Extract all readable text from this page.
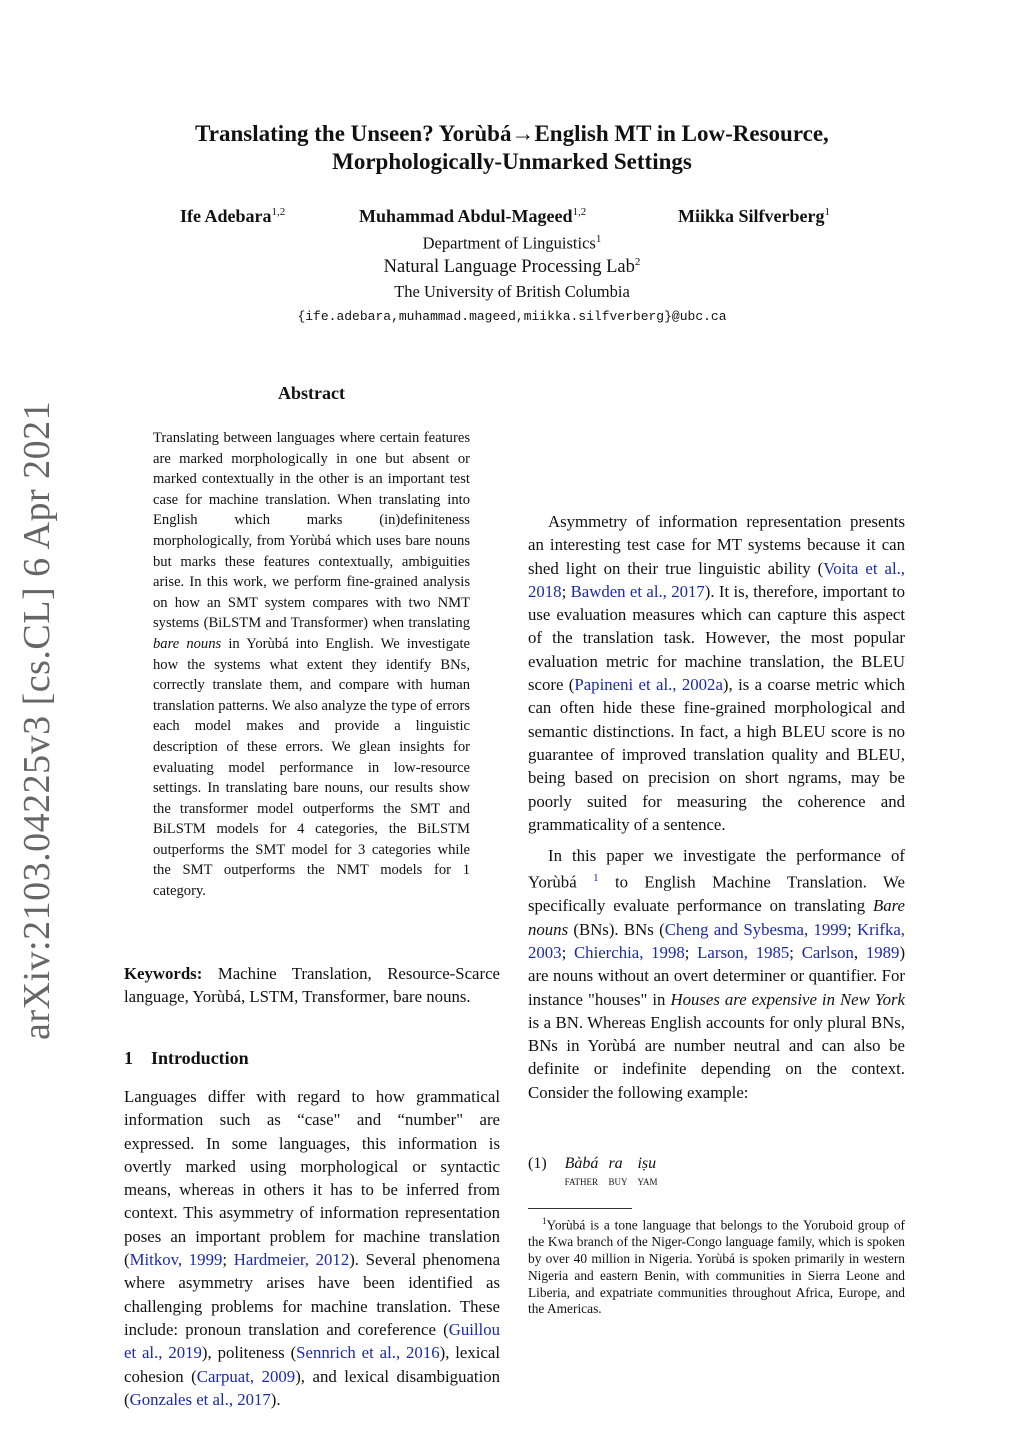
Translating the Unseen? Yorùbá→English MT in Low-Resource,
Morphologically-Unmarked Settings
Ife Adebara$^{1,2}$	Muhammad Abdul-Mageed$^{1,2}$	Miikka Silfverberg$^1$
Department of Linguistics$^1$
Natural Language Processing Lab$^2$
The University of British Columbia
{ife.adebara,muhammad.mageed,miikka.silfverberg}@ubc.ca
arXiv:2103.04225v3 [cs.CL] 6 Apr 2021
Abstract
Translating between languages where certain features are marked morphologically in one but absent or marked contextually in the other is an important test case for machine translation. When translating into English which marks (in)definiteness morphologically, from Yorùbá which uses bare nouns but marks these features contextually, ambiguities arise. In this work, we perform fine-grained analysis on how an SMT system compares with two NMT systems (BiLSTM and Transformer) when translating bare nouns in Yorùbá into English. We investigate how the systems what extent they identify BNs, correctly translate them, and compare with human translation patterns. We also analyze the type of errors each model makes and provide a linguistic description of these errors. We glean insights for evaluating model performance in low-resource settings. In translating bare nouns, our results show the transformer model outperforms the SMT and BiLSTM models for 4 categories, the BiLSTM outperforms the SMT model for 3 categories while the SMT outperforms the NMT models for 1 category.
Keywords: Machine Translation, Resource-Scarce language, Yorùbá, LSTM, Transformer, bare nouns.
1 Introduction

Languages differ with regard to how grammatical information such as “case" and “number" are expressed. In some languages, this information is overtly marked using morphological or syntactic means, whereas in others it has to be inferred from context. This asymmetry of information representation poses an important problem for machine translation (Mitkov, 1999; Hardmeier, 2012). Several phenomena where asymmetry arises have been identified as challenging problems for machine translation. These include: pronoun translation and coreference (Guillou et al., 2019), politeness (Sennrich et al., 2016), lexical cohesion (Carpuat, 2009), and lexical disambiguation (Gonzales et al., 2017).

Asymmetry of information representation presents an interesting test case for MT systems because it can shed light on their true linguistic ability (Voita et al., 2018; Bawden et al., 2017). It is, therefore, important to use evaluation measures which can capture this aspect of the translation task. However, the most popular evaluation metric for machine translation, the BLEU score (Papineni et al., 2002a), is a coarse metric which can often hide these fine-grained morphological and semantic distinctions. In fact, a high BLEU score is no guarantee of improved translation quality and BLEU, being based on precision on short ngrams, may be poorly suited for measuring the coherence and grammaticality of a sentence.

In this paper we investigate the performance of Yorùbá $^1$ to English Machine Translation. We specifically evaluate performance on translating Bare nouns (BNs). BNs (Cheng and Sybesma, 1999; Krifka, 2003; Chierchia, 1998; Larson, 1985; Carlson, 1989) are nouns without an overt determiner or quantifier. For instance "houses" in Houses are expensive in New York is a BN. Whereas English accounts for only plural BNs, BNs in Yorùbá are number neutral and can also be definite or indefinite depending on the context. Consider the following example:

(1)	Bàbá	ra	iṣu
	father	buy	yam
$^1$Yorùbá is a tone language that belongs to the Yoruboid group of the Kwa branch of the Niger-Congo language family, which is spoken by over 40 million in Nigeria. Yorùbá is spoken primarily in western Nigeria and eastern Benin, with communities in Sierra Leone and Liberia, and expatriate communities throughout Africa, Europe, and the Americas.
